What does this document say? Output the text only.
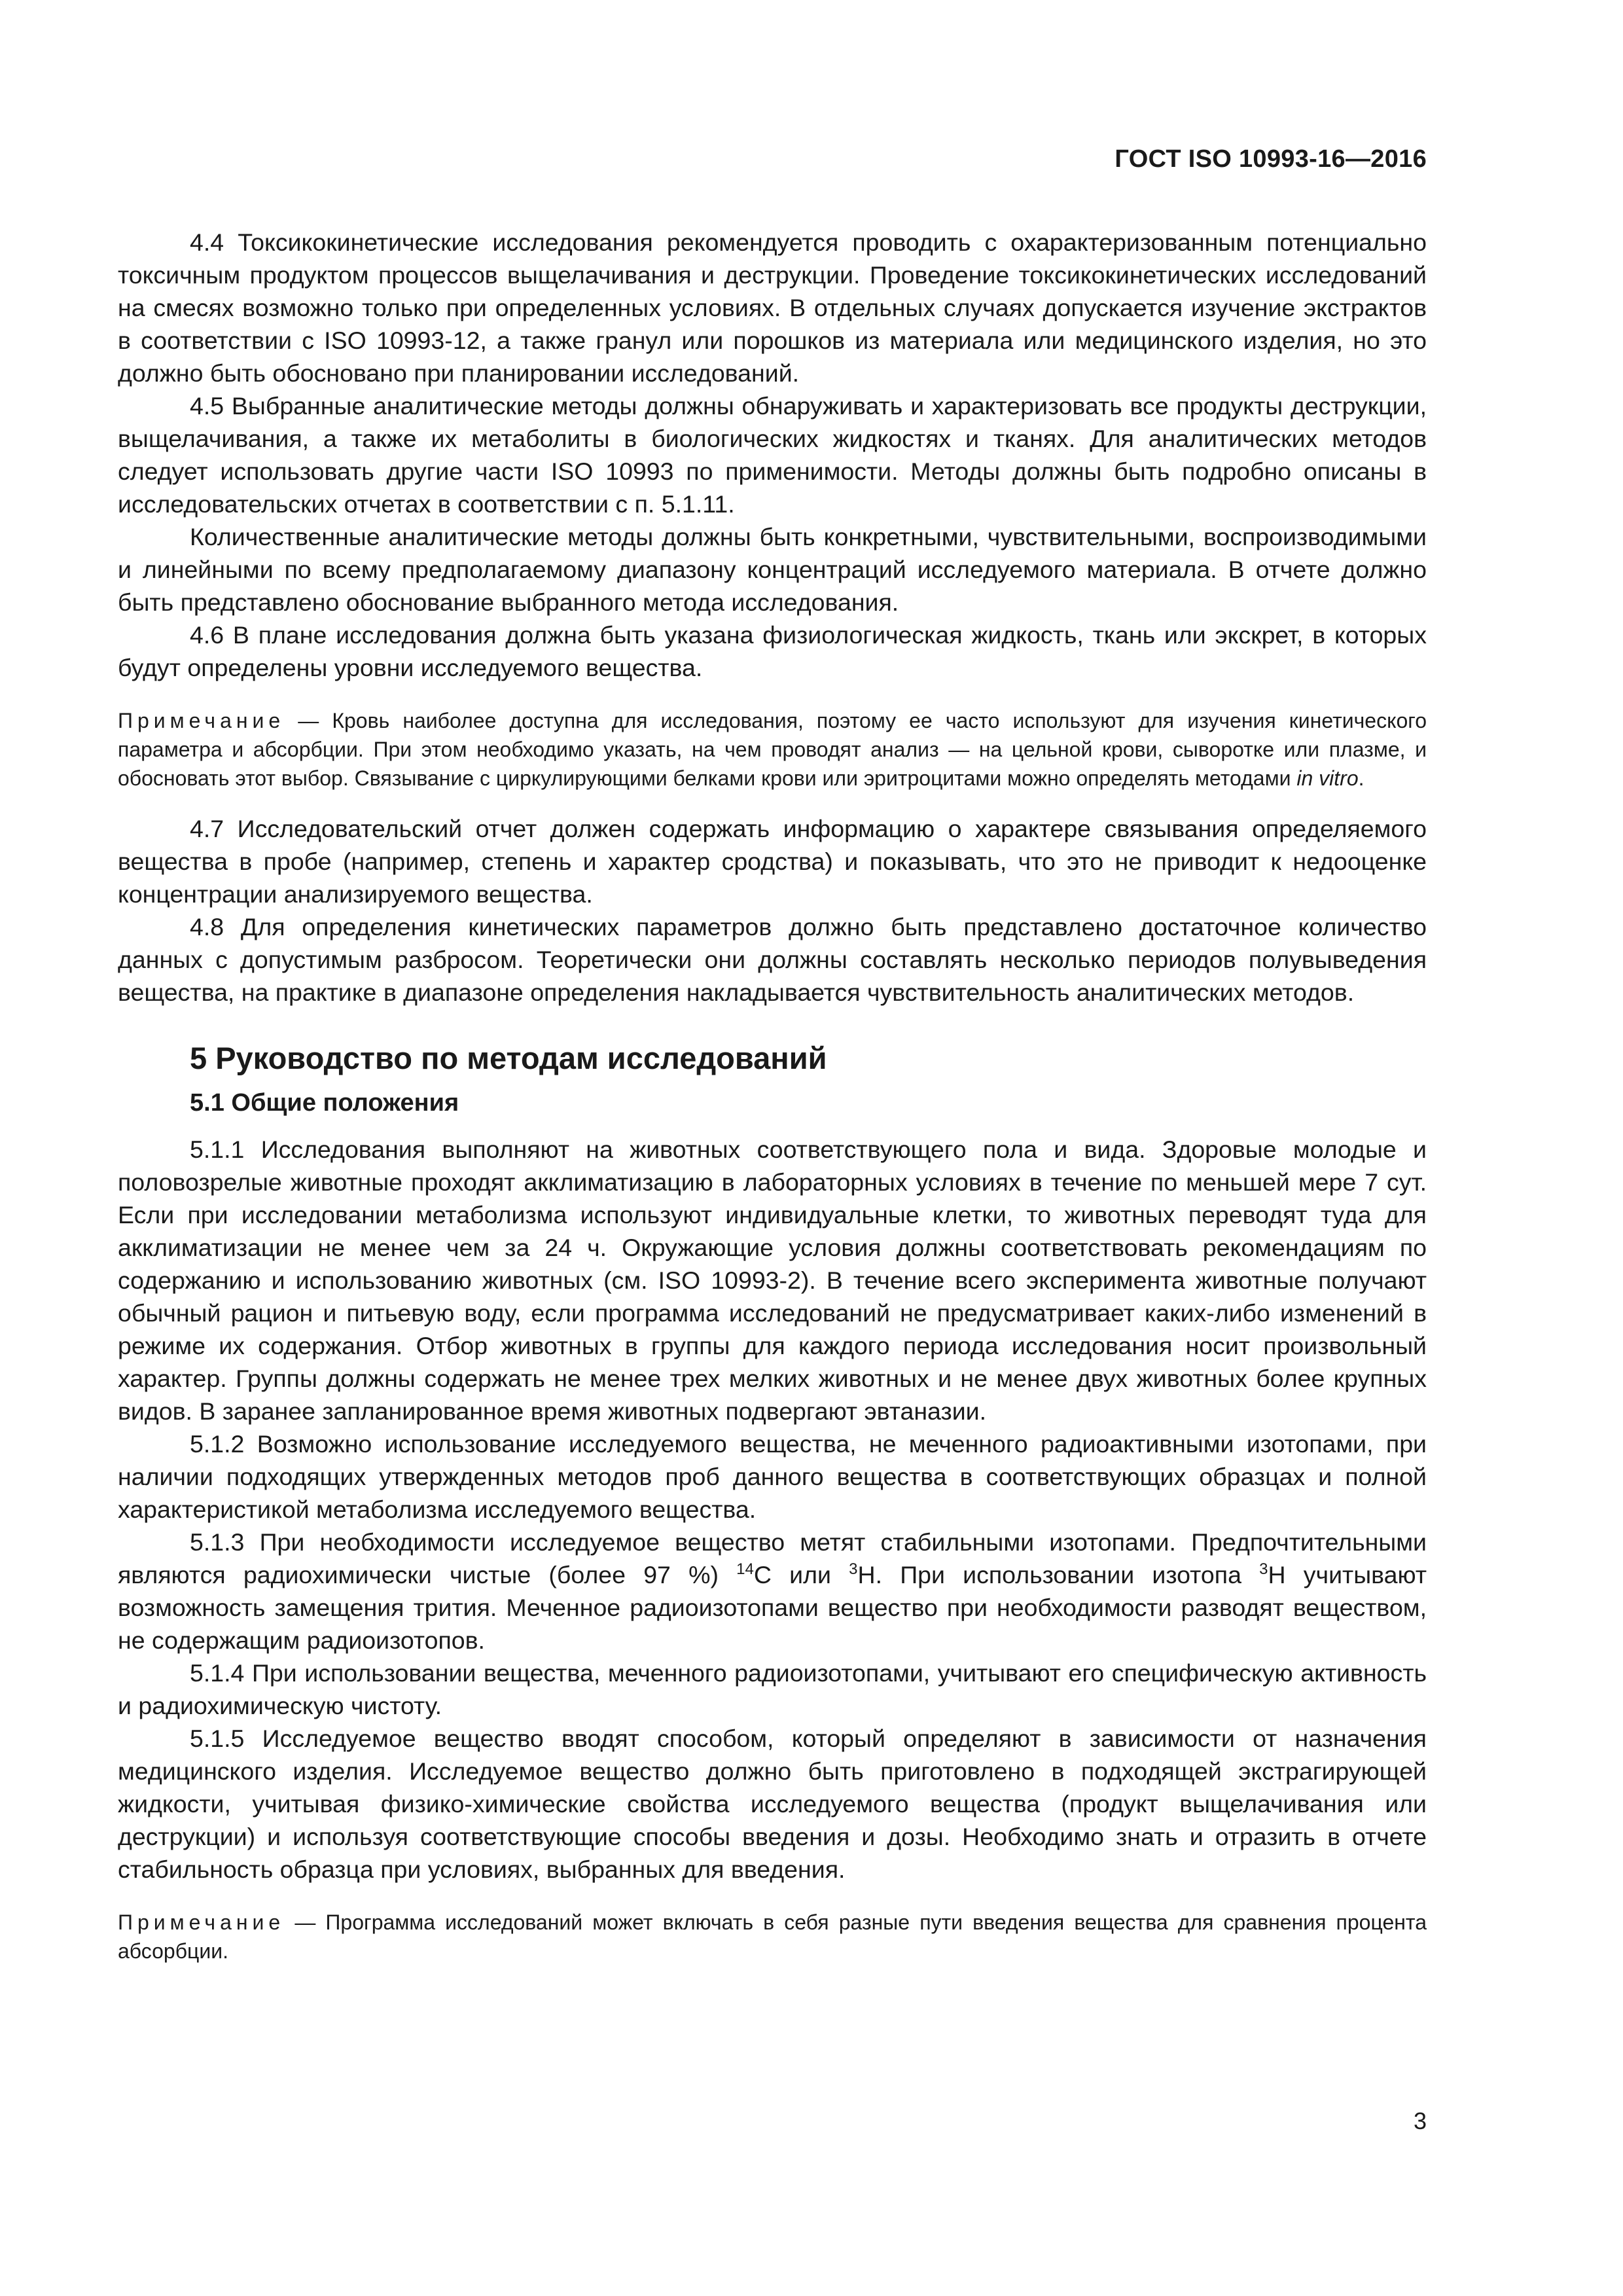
ГОСТ ISO 10993-16—2016

4.4 Токсикокинетические исследования рекомендуется проводить с охарактеризованным потенциально токсичным продуктом процессов выщелачивания и деструкции. Проведение токсикокинетических исследований на смесях возможно только при определенных условиях. В отдельных случаях допускается изучение экстрактов в соответствии с ISO 10993-12, а также гранул или порошков из материала или медицинского изделия, но это должно быть обосновано при планировании исследований.

4.5 Выбранные аналитические методы должны обнаруживать и характеризовать все продукты деструкции, выщелачивания, а также их метаболиты в биологических жидкостях и тканях. Для аналитических методов следует использовать другие части ISO 10993 по применимости. Методы должны быть подробно описаны в исследовательских отчетах в соответствии с п. 5.1.11.

Количественные аналитические методы должны быть конкретными, чувствительными, воспроизводимыми и линейными по всему предполагаемому диапазону концентраций исследуемого материала. В отчете должно быть представлено обоснование выбранного метода исследования.

4.6 В плане исследования должна быть указана физиологическая жидкость, ткань или экскрет, в которых будут определены уровни исследуемого вещества.

Примечание — Кровь наиболее доступна для исследования, поэтому ее часто используют для изучения кинетического параметра и абсорбции. При этом необходимо указать, на чем проводят анализ — на цельной крови, сыворотке или плазме, и обосновать этот выбор. Связывание с циркулирующими белками крови или эритроцитами можно определять методами in vitro.

4.7 Исследовательский отчет должен содержать информацию о характере связывания определяемого вещества в пробе (например, степень и характер сродства) и показывать, что это не приводит к недооценке концентрации анализируемого вещества.

4.8 Для определения кинетических параметров должно быть представлено достаточное количество данных с допустимым разбросом. Теоретически они должны составлять несколько периодов полувыведения вещества, на практике в диапазоне определения накладывается чувствительность аналитических методов.

5 Руководство по методам исследований
5.1 Общие положения

5.1.1 Исследования выполняют на животных соответствующего пола и вида. Здоровые молодые и половозрелые животные проходят акклиматизацию в лабораторных условиях в течение по меньшей мере 7 сут. Если при исследовании метаболизма используют индивидуальные клетки, то животных переводят туда для акклиматизации не менее чем за 24 ч. Окружающие условия должны соответствовать рекомендациям по содержанию и использованию животных (см. ISO 10993-2). В течение всего эксперимента животные получают обычный рацион и питьевую воду, если программа исследований не предусматривает каких-либо изменений в режиме их содержания. Отбор животных в группы для каждого периода исследования носит произвольный характер. Группы должны содержать не менее трех мелких животных и не менее двух животных более крупных видов. В заранее запланированное время животных подвергают эвтаназии.

5.1.2 Возможно использование исследуемого вещества, не меченного радиоактивными изотопами, при наличии подходящих утвержденных методов проб данного вещества в соответствующих образцах и полной характеристикой метаболизма исследуемого вещества.

5.1.3 При необходимости исследуемое вещество метят стабильными изотопами. Предпочтительными являются радиохимически чистые (более 97 %) $^{14}$С или $^3$Н. При использовании изотопа $^3$Н учитывают возможность замещения трития. Меченное радиоизотопами вещество при необходимости разводят веществом, не содержащим радиоизотопов.

5.1.4 При использовании вещества, меченного радиоизотопами, учитывают его специфическую активность и радиохимическую чистоту.

5.1.5 Исследуемое вещество вводят способом, который определяют в зависимости от назначения медицинского изделия. Исследуемое вещество должно быть приготовлено в подходящей экстрагирующей жидкости, учитывая физико-химические свойства исследуемого вещества (продукт выщелачивания или деструкции) и используя соответствующие способы введения и дозы. Необходимо знать и отразить в отчете стабильность образца при условиях, выбранных для введения.

Примечание — Программа исследований может включать в себя разные пути введения вещества для сравнения процента абсорбции.

3
